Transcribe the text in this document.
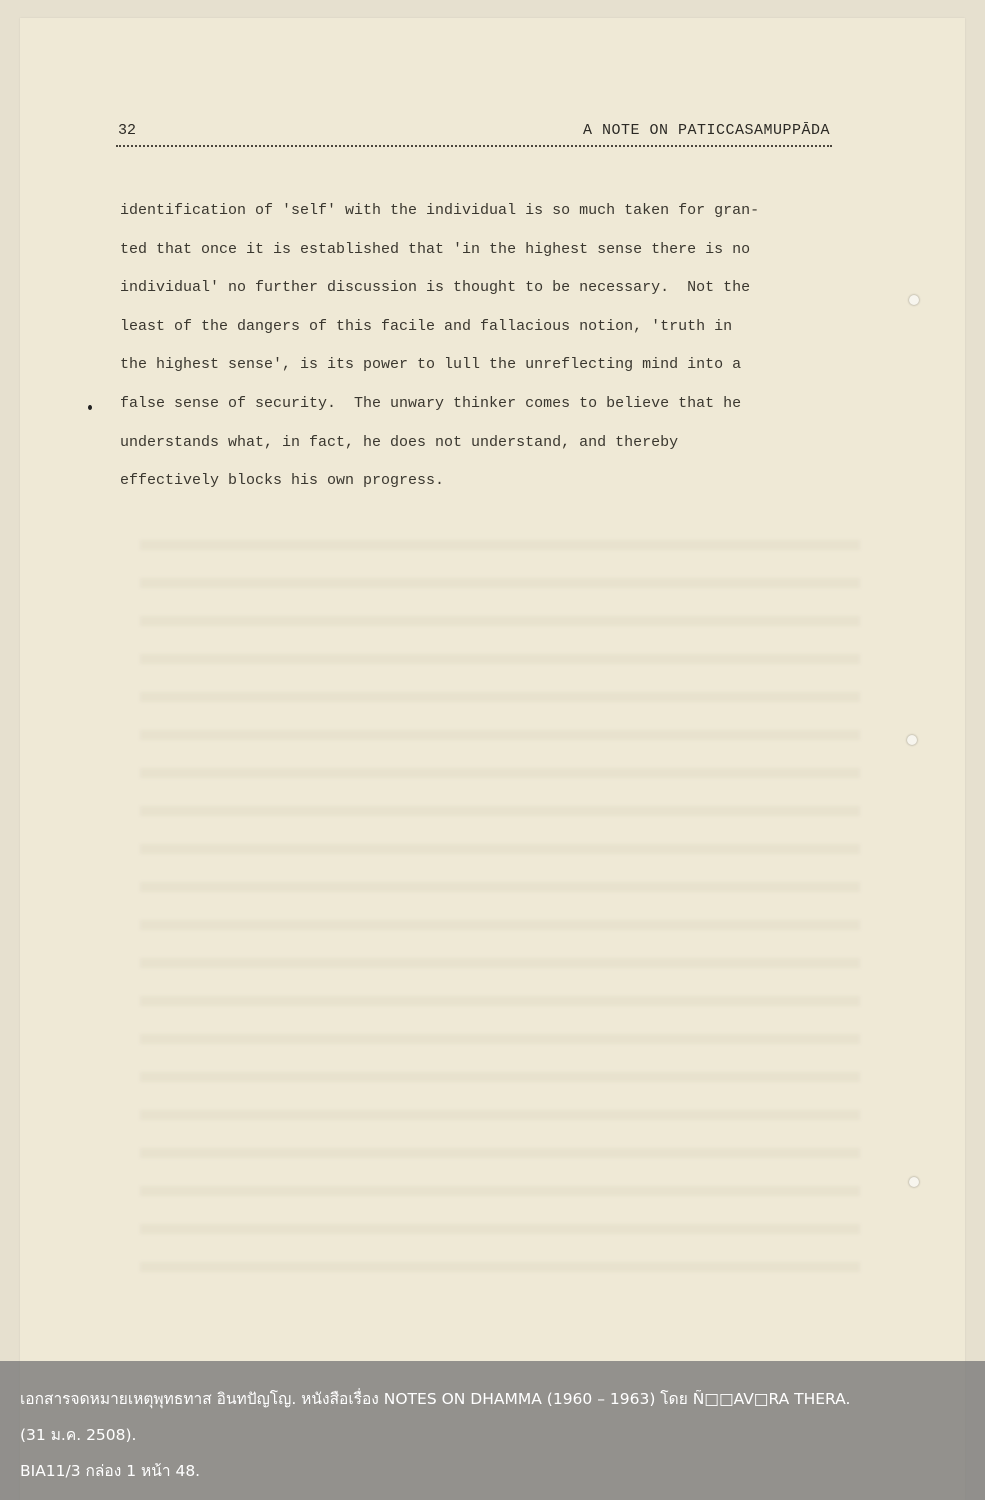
32	A NOTE ON PATICCASAMUPPĀDA
identification of 'self' with the individual is so much taken for gran-
ted that once it is established that 'in the highest sense there is no
individual' no further discussion is thought to be necessary.  Not the
least of the dangers of this facile and fallacious notion, 'truth in
the highest sense', is its power to lull the unreflecting mind into a
false sense of security.  The unwary thinker comes to believe that he
understands what, in fact, he does not understand, and thereby
effectively blocks his own progress.
เอกสารจดหมายเหตุพุทธทาส อินทปัญโญ. หนังสือเรื่อง NOTES ON DHAMMA (1960 – 1963) โดย Ñ□□AV□RA THERA.
(31 ม.ค. 2508).
BIA11/3 กล่อง 1 หน้า 48.
